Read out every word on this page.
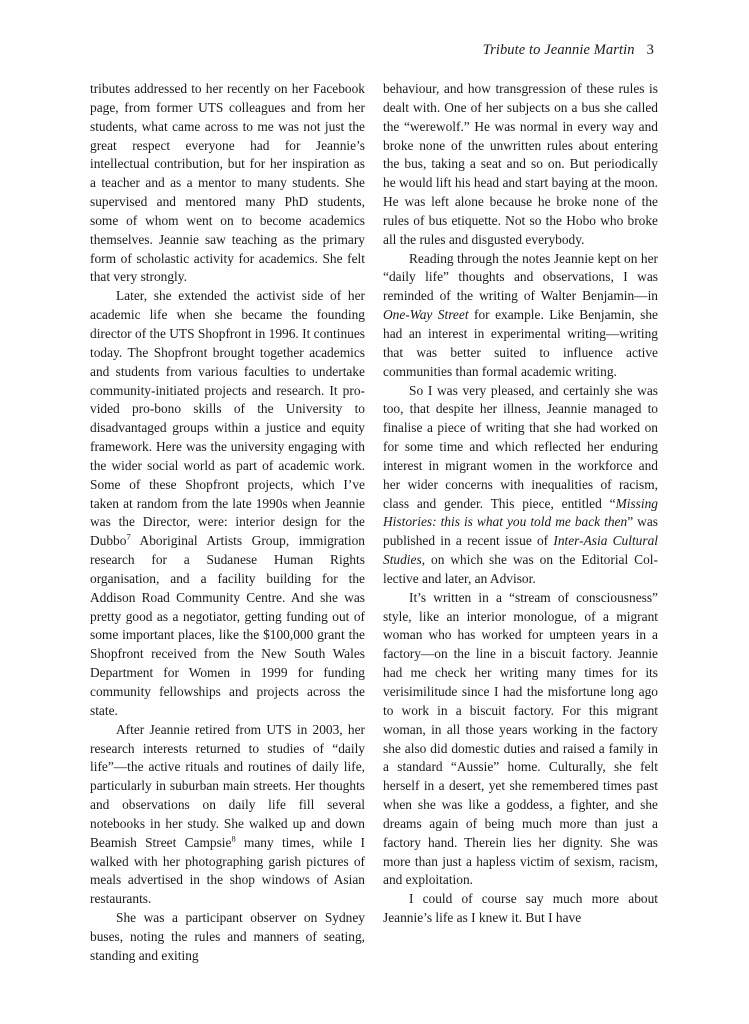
Tribute to Jeannie Martin 3

tributes addressed to her recently on her Facebook page, from former UTS colleagues and from her students, what came across to me was not just the great respect everyone had for Jeannie’s intellectual contribution, but for her inspiration as a teacher and as a mentor to many students. She supervised and mentored many PhD students, some of whom went on to become academics themselves. Jeannie saw teaching as the primary form of scholastic activity for academics. She felt that very strongly.

Later, she extended the activist side of her academic life when she became the founding director of the UTS Shopfront in 1996. It continues today. The Shopfront brought together academics and students from various faculties to undertake community-initiated projects and research. It provided pro-bono skills of the University to disadvantaged groups within a justice and equity framework. Here was the university engaging with the wider social world as part of academic work. Some of these Shopfront projects, which I’ve taken at random from the late 1990s when Jeannie was the Director, were: interior design for the Dubbo$^7$ Aboriginal Artists Group, immigration research for a Sudanese Human Rights organisation, and a facility building for the Addison Road Community Centre. And she was pretty good as a negotiator, getting funding out of some important places, like the $100,000 grant the Shopfront received from the New South Wales Department for Women in 1999 for funding community fellowships and projects across the state.

After Jeannie retired from UTS in 2003, her research interests returned to studies of “daily life”—the active rituals and routines of daily life, particularly in suburban main streets. Her thoughts and observations on daily life fill several notebooks in her study. She walked up and down Beamish Street Campsie$^8$ many times, while I walked with her photographing garish pictures of meals advertised in the shop windows of Asian restaurants.

She was a participant observer on Sydney buses, noting the rules and manners of seating, standing and exiting

behaviour, and how transgression of these rules is dealt with. One of her subjects on a bus she called the “werewolf.” He was normal in every way and broke none of the unwritten rules about entering the bus, taking a seat and so on. But periodically he would lift his head and start baying at the moon. He was left alone because he broke none of the rules of bus etiquette. Not so the Hobo who broke all the rules and disgusted everybody.

Reading through the notes Jeannie kept on her “daily life” thoughts and observations, I was reminded of the writing of Walter Benjamin—in One-Way Street for example. Like Benjamin, she had an interest in experimental writing—writing that was better suited to influence active communities than formal academic writing.

So I was very pleased, and certainly she was too, that despite her illness, Jeannie managed to finalise a piece of writing that she had worked on for some time and which reflected her enduring interest in migrant women in the workforce and her wider concerns with inequalities of racism, class and gender. This piece, entitled “Missing Histories: this is what you told me back then” was published in a recent issue of Inter-Asia Cultural Studies, on which she was on the Editorial Collective and later, an Advisor.

It’s written in a “stream of consciousness” style, like an interior monologue, of a migrant woman who has worked for umpteen years in a factory—on the line in a biscuit factory. Jeannie had me check her writing many times for its verisimilitude since I had the misfortune long ago to work in a biscuit factory. For this migrant woman, in all those years working in the factory she also did domestic duties and raised a family in a standard “Aussie” home. Culturally, she felt herself in a desert, yet she remembered times past when she was like a goddess, a fighter, and she dreams again of being much more than just a factory hand. Therein lies her dignity. She was more than just a hapless victim of sexism, racism, and exploitation.

I could of course say much more about Jeannie’s life as I knew it. But I have
